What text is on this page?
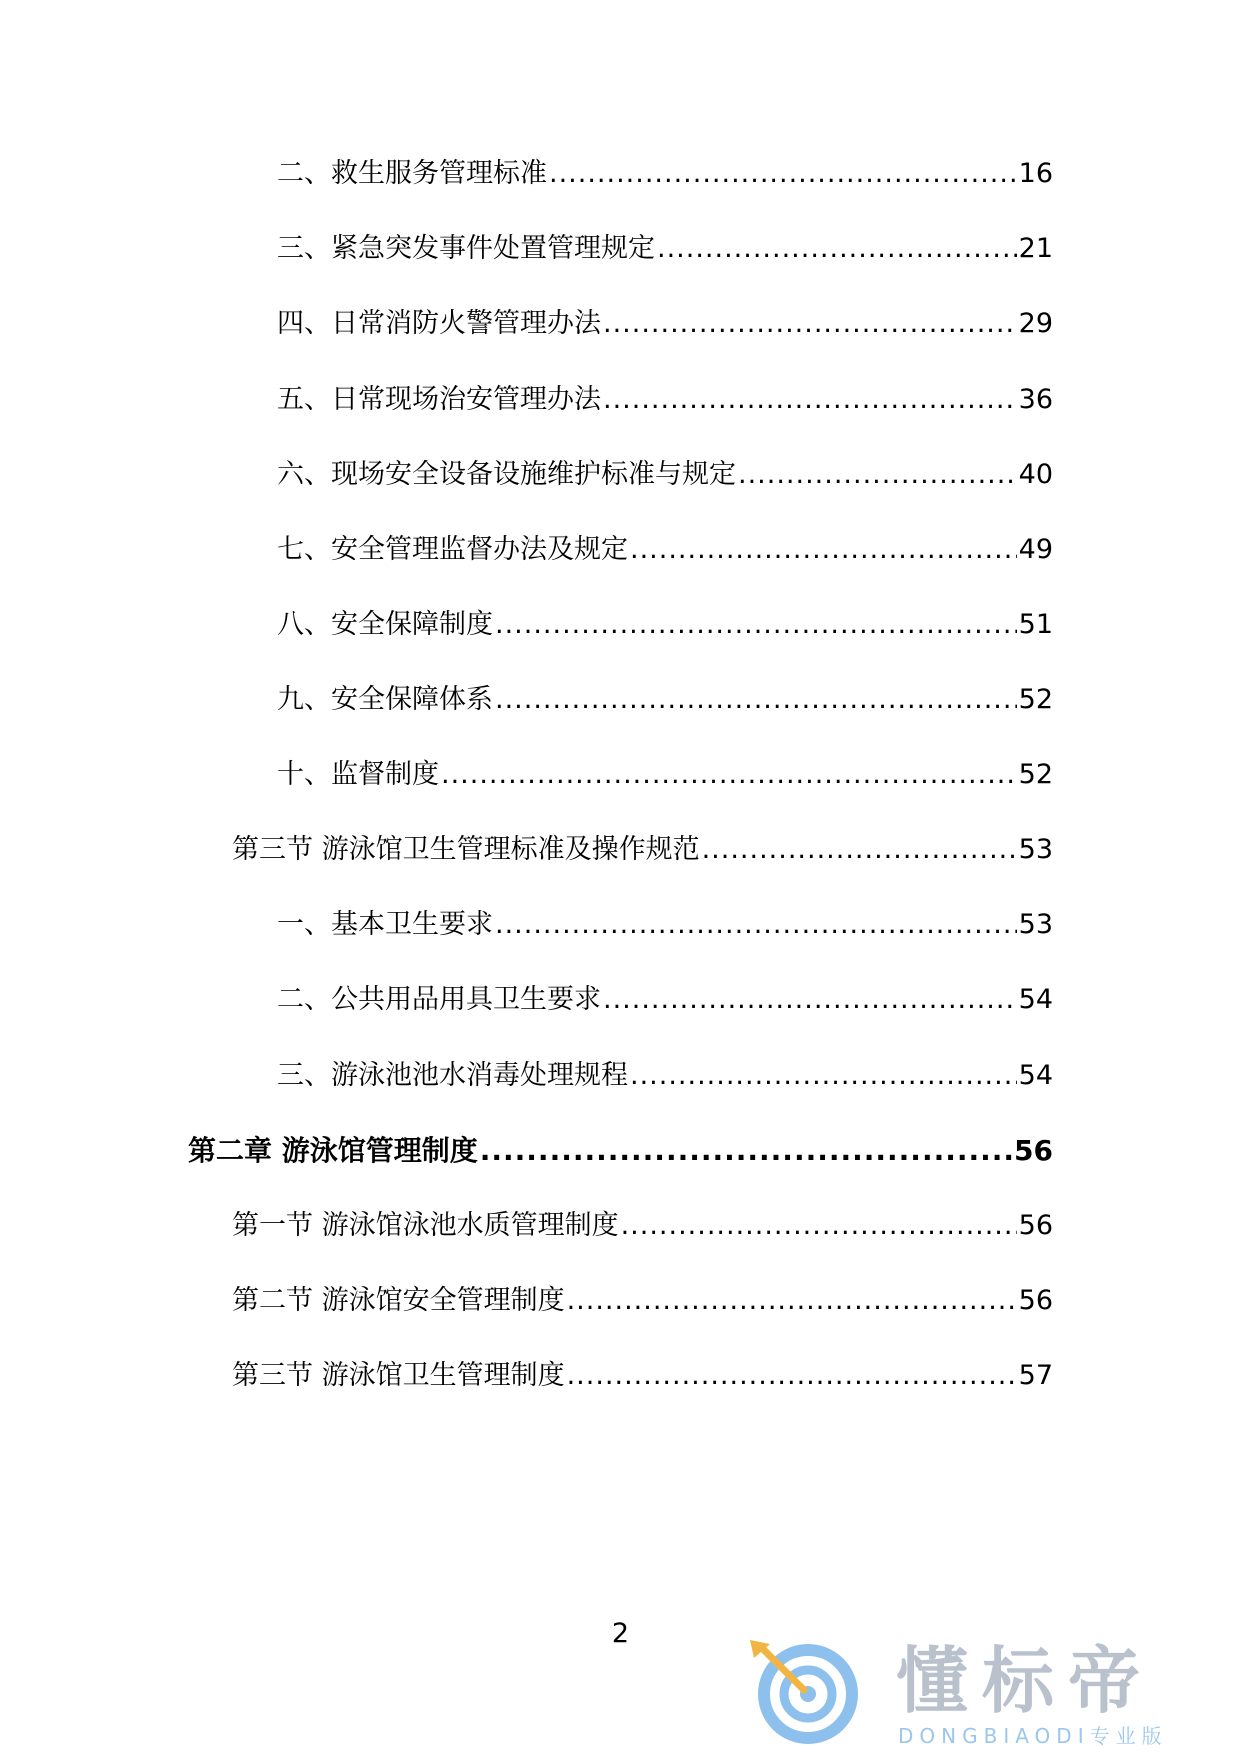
二、救生服务管理标准 .....	16
三、紧急突发事件处置管理规定 .....	21
四、日常消防火警管理办法 .....	29
五、日常现场治安管理办法 .....	36
六、现场安全设备设施维护标准与规定 .....	40
七、安全管理监督办法及规定 .....	49
八、安全保障制度 .....	51
九、安全保障体系 .....	52
十、监督制度 .....	52
第三节 游泳馆卫生管理标准及操作规范 .....	53
一、基本卫生要求 .....	53
二、公共用品用具卫生要求 .....	54
三、游泳池池水消毒处理规程 .....	54
第二章 游泳馆管理制度 .....	56
第一节 游泳馆泳池水质管理制度 .....	56
第二节 游泳馆安全管理制度 .....	56
第三节 游泳馆卫生管理制度 .....	57
2
懂标帝
DONGBIAODI专业版
